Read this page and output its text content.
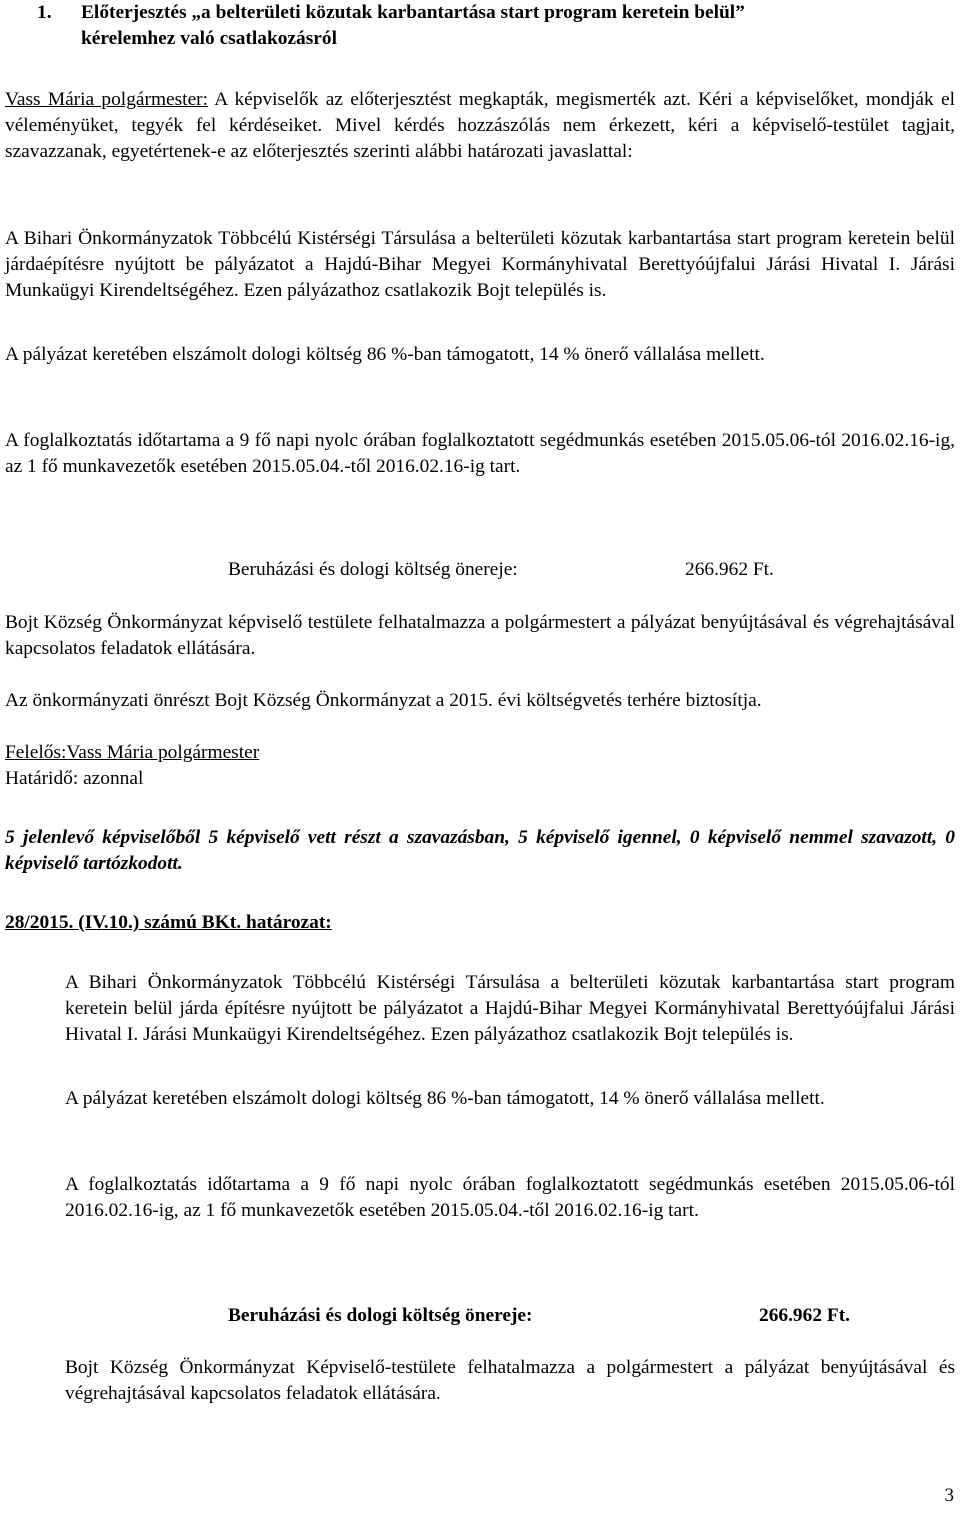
1. Előterjesztés „a belterületi közutak karbantartása start program keretein belül”
kérelemhez való csatlakozásról

Vass Mária polgármester: A képviselők az előterjesztést megkapták, megismerték azt. Kéri a képviselőket, mondják el véleményüket, tegyék fel kérdéseiket. Mivel kérdés hozzászólás nem érkezett, kéri a képviselő-testület tagjait, szavazzanak, egyetértenek-e az előterjesztés szerinti alábbi határozati javaslattal:

A Bihari Önkormányzatok Többcélú Kistérségi Társulása a belterületi közutak karbantartása start program keretein belül járdaépítésre nyújtott be pályázatot a Hajdú-Bihar Megyei Kormányhivatal Berettyóújfalui Járási Hivatal I. Járási Munkaügyi Kirendeltségéhez. Ezen pályázathoz csatlakozik Bojt település is.

A pályázat keretében elszámolt dologi költség 86 %-ban támogatott, 14 % önerő vállalása mellett.

A foglalkoztatás időtartama a 9 fő napi nyolc órában foglalkoztatott segédmunkás esetében 2015.05.06-tól 2016.02.16-ig, az 1 fő munkavezetők esetében 2015.05.04.-től 2016.02.16-ig tart.

Beruházási és dologi költség önereje:	266.962 Ft.

Bojt Község Önkormányzat képviselő testülete felhatalmazza a polgármestert a pályázat benyújtásával és végrehajtásával kapcsolatos feladatok ellátására.

Az önkormányzati önrészt Bojt Község Önkormányzat a 2015. évi költségvetés terhére biztosítja.

Felelős:Vass Mária polgármester
Határidő: azonnal

5 jelenlevő képviselőből 5 képviselő vett részt a szavazásban, 5 képviselő igennel, 0 képviselő nemmel szavazott, 0 képviselő tartózkodott.

28/2015. (IV.10.) számú BKt. határozat:

A Bihari Önkormányzatok Többcélú Kistérségi Társulása a belterületi közutak karbantartása start program keretein belül járda építésre nyújtott be pályázatot a Hajdú-Bihar Megyei Kormányhivatal Berettyóújfalui Járási Hivatal I. Járási Munkaügyi Kirendeltségéhez. Ezen pályázathoz csatlakozik Bojt település is.

A pályázat keretében elszámolt dologi költség 86 %-ban támogatott, 14 % önerő vállalása mellett.

A foglalkoztatás időtartama a 9 fő napi nyolc órában foglalkoztatott segédmunkás esetében 2015.05.06-tól 2016.02.16-ig, az 1 fő munkavezetők esetében 2015.05.04.-től 2016.02.16-ig tart.

Beruházási és dologi költség önereje:	266.962 Ft.

Bojt Község Önkormányzat Képviselő-testülete felhatalmazza a polgármestert a pályázat benyújtásával és végrehajtásával kapcsolatos feladatok ellátására.

3
